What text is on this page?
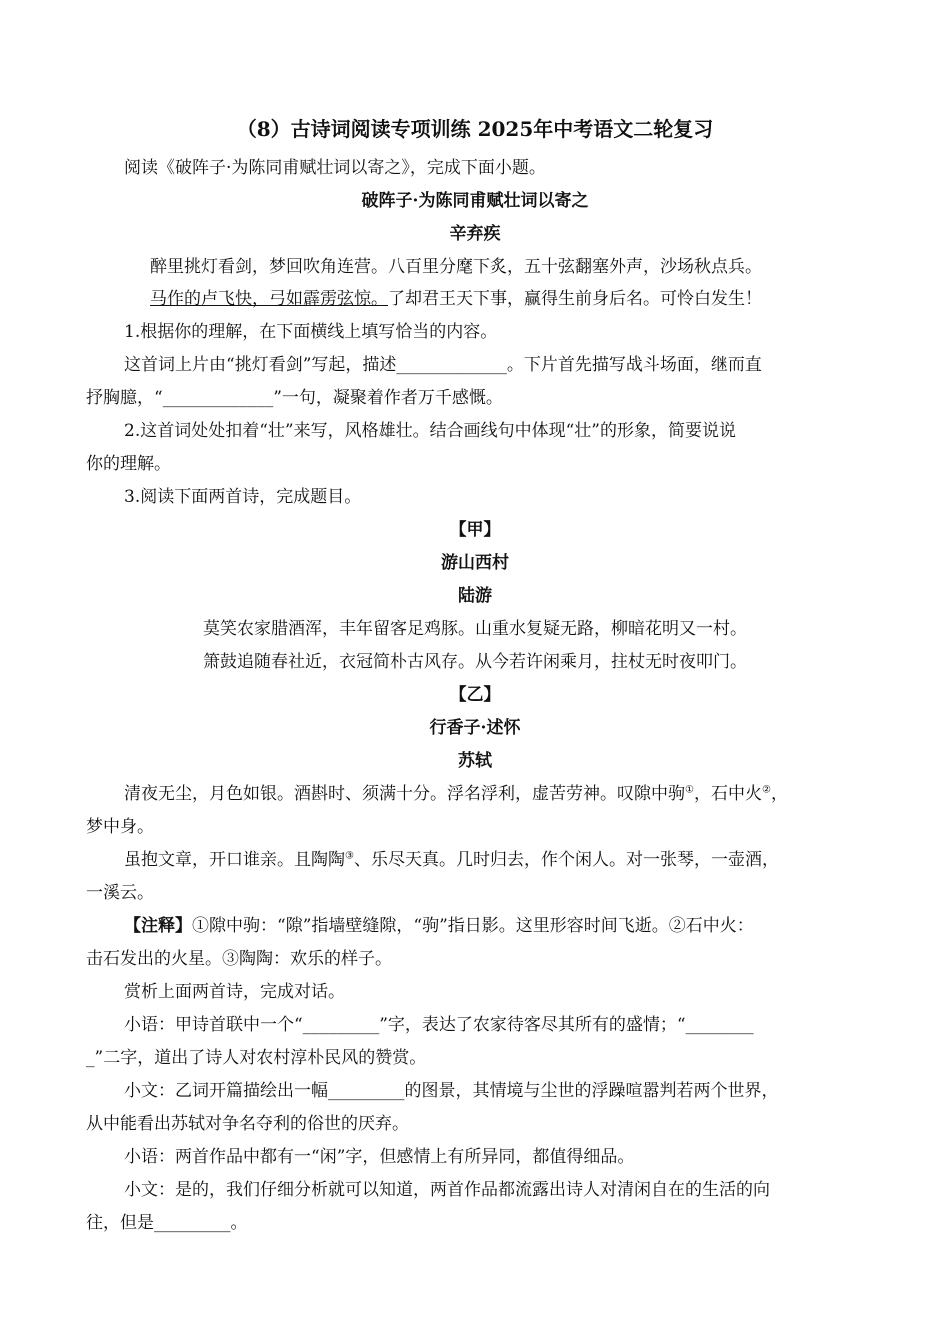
（8）古诗词阅读专项训练 2025年中考语文二轮复习
阅读《破阵子·为陈同甫赋壮词以寄之》，完成下面小题。
破阵子·为陈同甫赋壮词以寄之
辛弃疾
醉里挑灯看剑，梦回吹角连营。八百里分麾下炙，五十弦翻塞外声，沙场秋点兵。
马作的卢飞快，弓如霹雳弦惊。了却君王天下事，赢得生前身后名。可怜白发生！
1.根据你的理解，在下面横线上填写恰当的内容。
这首词上片由“挑灯看剑”写起，描述_____________。下片首先描写战斗场面，继而直
抒胸臆，“_____________”一句，凝聚着作者万千感慨。
2.这首词处处扣着“壮”来写，风格雄壮。结合画线句中体现“壮”的形象，简要说说
你的理解。
3.阅读下面两首诗，完成题目。
【甲】
游山西村
陆游
莫笑农家腊酒浑，丰年留客足鸡豚。山重水复疑无路，柳暗花明又一村。
箫鼓追随春社近，衣冠简朴古风存。从今若许闲乘月，拄杖无时夜叩门。
【乙】
行香子·述怀
苏轼
清夜无尘，月色如银。酒斟时、须满十分。浮名浮利，虚苦劳神。叹隙中驹①，石中火②，
梦中身。
虽抱文章，开口谁亲。且陶陶③、乐尽天真。几时归去，作个闲人。对一张琴，一壶酒，
一溪云。
【注释】①隙中驹：“隙”指墙壁缝隙，“驹”指日影。这里形容时间飞逝。②石中火：
击石发出的火星。③陶陶：欢乐的样子。
赏析上面两首诗，完成对话。
小语：甲诗首联中一个“_________”字，表达了农家待客尽其所有的盛情；“________
_”二字，道出了诗人对农村淳朴民风的赞赏。
小文：乙词开篇描绘出一幅_________的图景，其情境与尘世的浮躁喧嚣判若两个世界，
从中能看出苏轼对争名夺利的俗世的厌弃。
小语：两首作品中都有一“闲”字，但感情上有所异同，都值得细品。
小文：是的，我们仔细分析就可以知道，两首作品都流露出诗人对清闲自在的生活的向
往，但是_________。
